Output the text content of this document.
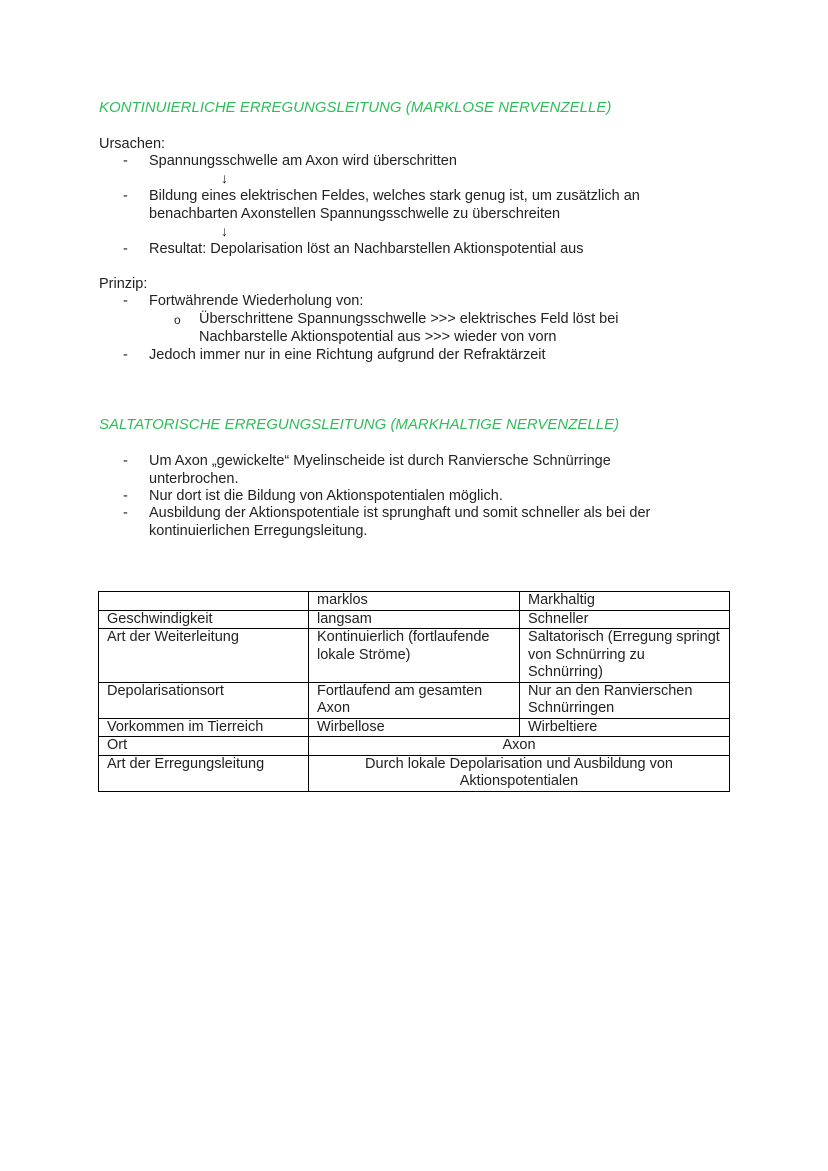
KONTINUIERLICHE ERREGUNGSLEITUNG (MARKLOSE NERVENZELLE)
Ursachen:
- Spannungsschwelle am Axon wird überschritten
↓
- Bildung eines elektrischen Feldes, welches stark genug ist, um zusätzlich an
benachbarten Axonstellen Spannungsschwelle zu überschreiten
↓
- Resultat: Depolarisation löst an Nachbarstellen Aktionspotential aus
Prinzip:
- Fortwährende Wiederholung von:
o Überschrittene Spannungsschwelle >>> elektrisches Feld löst bei
Nachbarstelle Aktionspotential aus >>> wieder von vorn
- Jedoch immer nur in eine Richtung aufgrund der Refraktärzeit
SALTATORISCHE ERREGUNGSLEITUNG (MARKHALTIGE NERVENZELLE)
- Um Axon „gewickelte“ Myelinscheide ist durch Ranviersche Schnürringe
unterbrochen.
- Nur dort ist die Bildung von Aktionspotentialen möglich.
- Ausbildung der Aktionspotentiale ist sprunghaft und somit schneller als bei der
kontinuierlichen Erregungsleitung.
	marklos	Markhaltig
Geschwindigkeit	langsam	Schneller
Art der Weiterleitung	Kontinuierlich (fortlaufende lokale Ströme)	Saltatorisch (Erregung springt von Schnürring zu Schnürring)
Depolarisationsort	Fortlaufend am gesamten Axon	Nur an den Ranvierschen Schnürringen
Vorkommen im Tierreich	Wirbellose	Wirbeltiere
Ort	Axon	
Art der Erregungsleitung	Durch lokale Depolarisation und Ausbildung von Aktionspotentialen	
